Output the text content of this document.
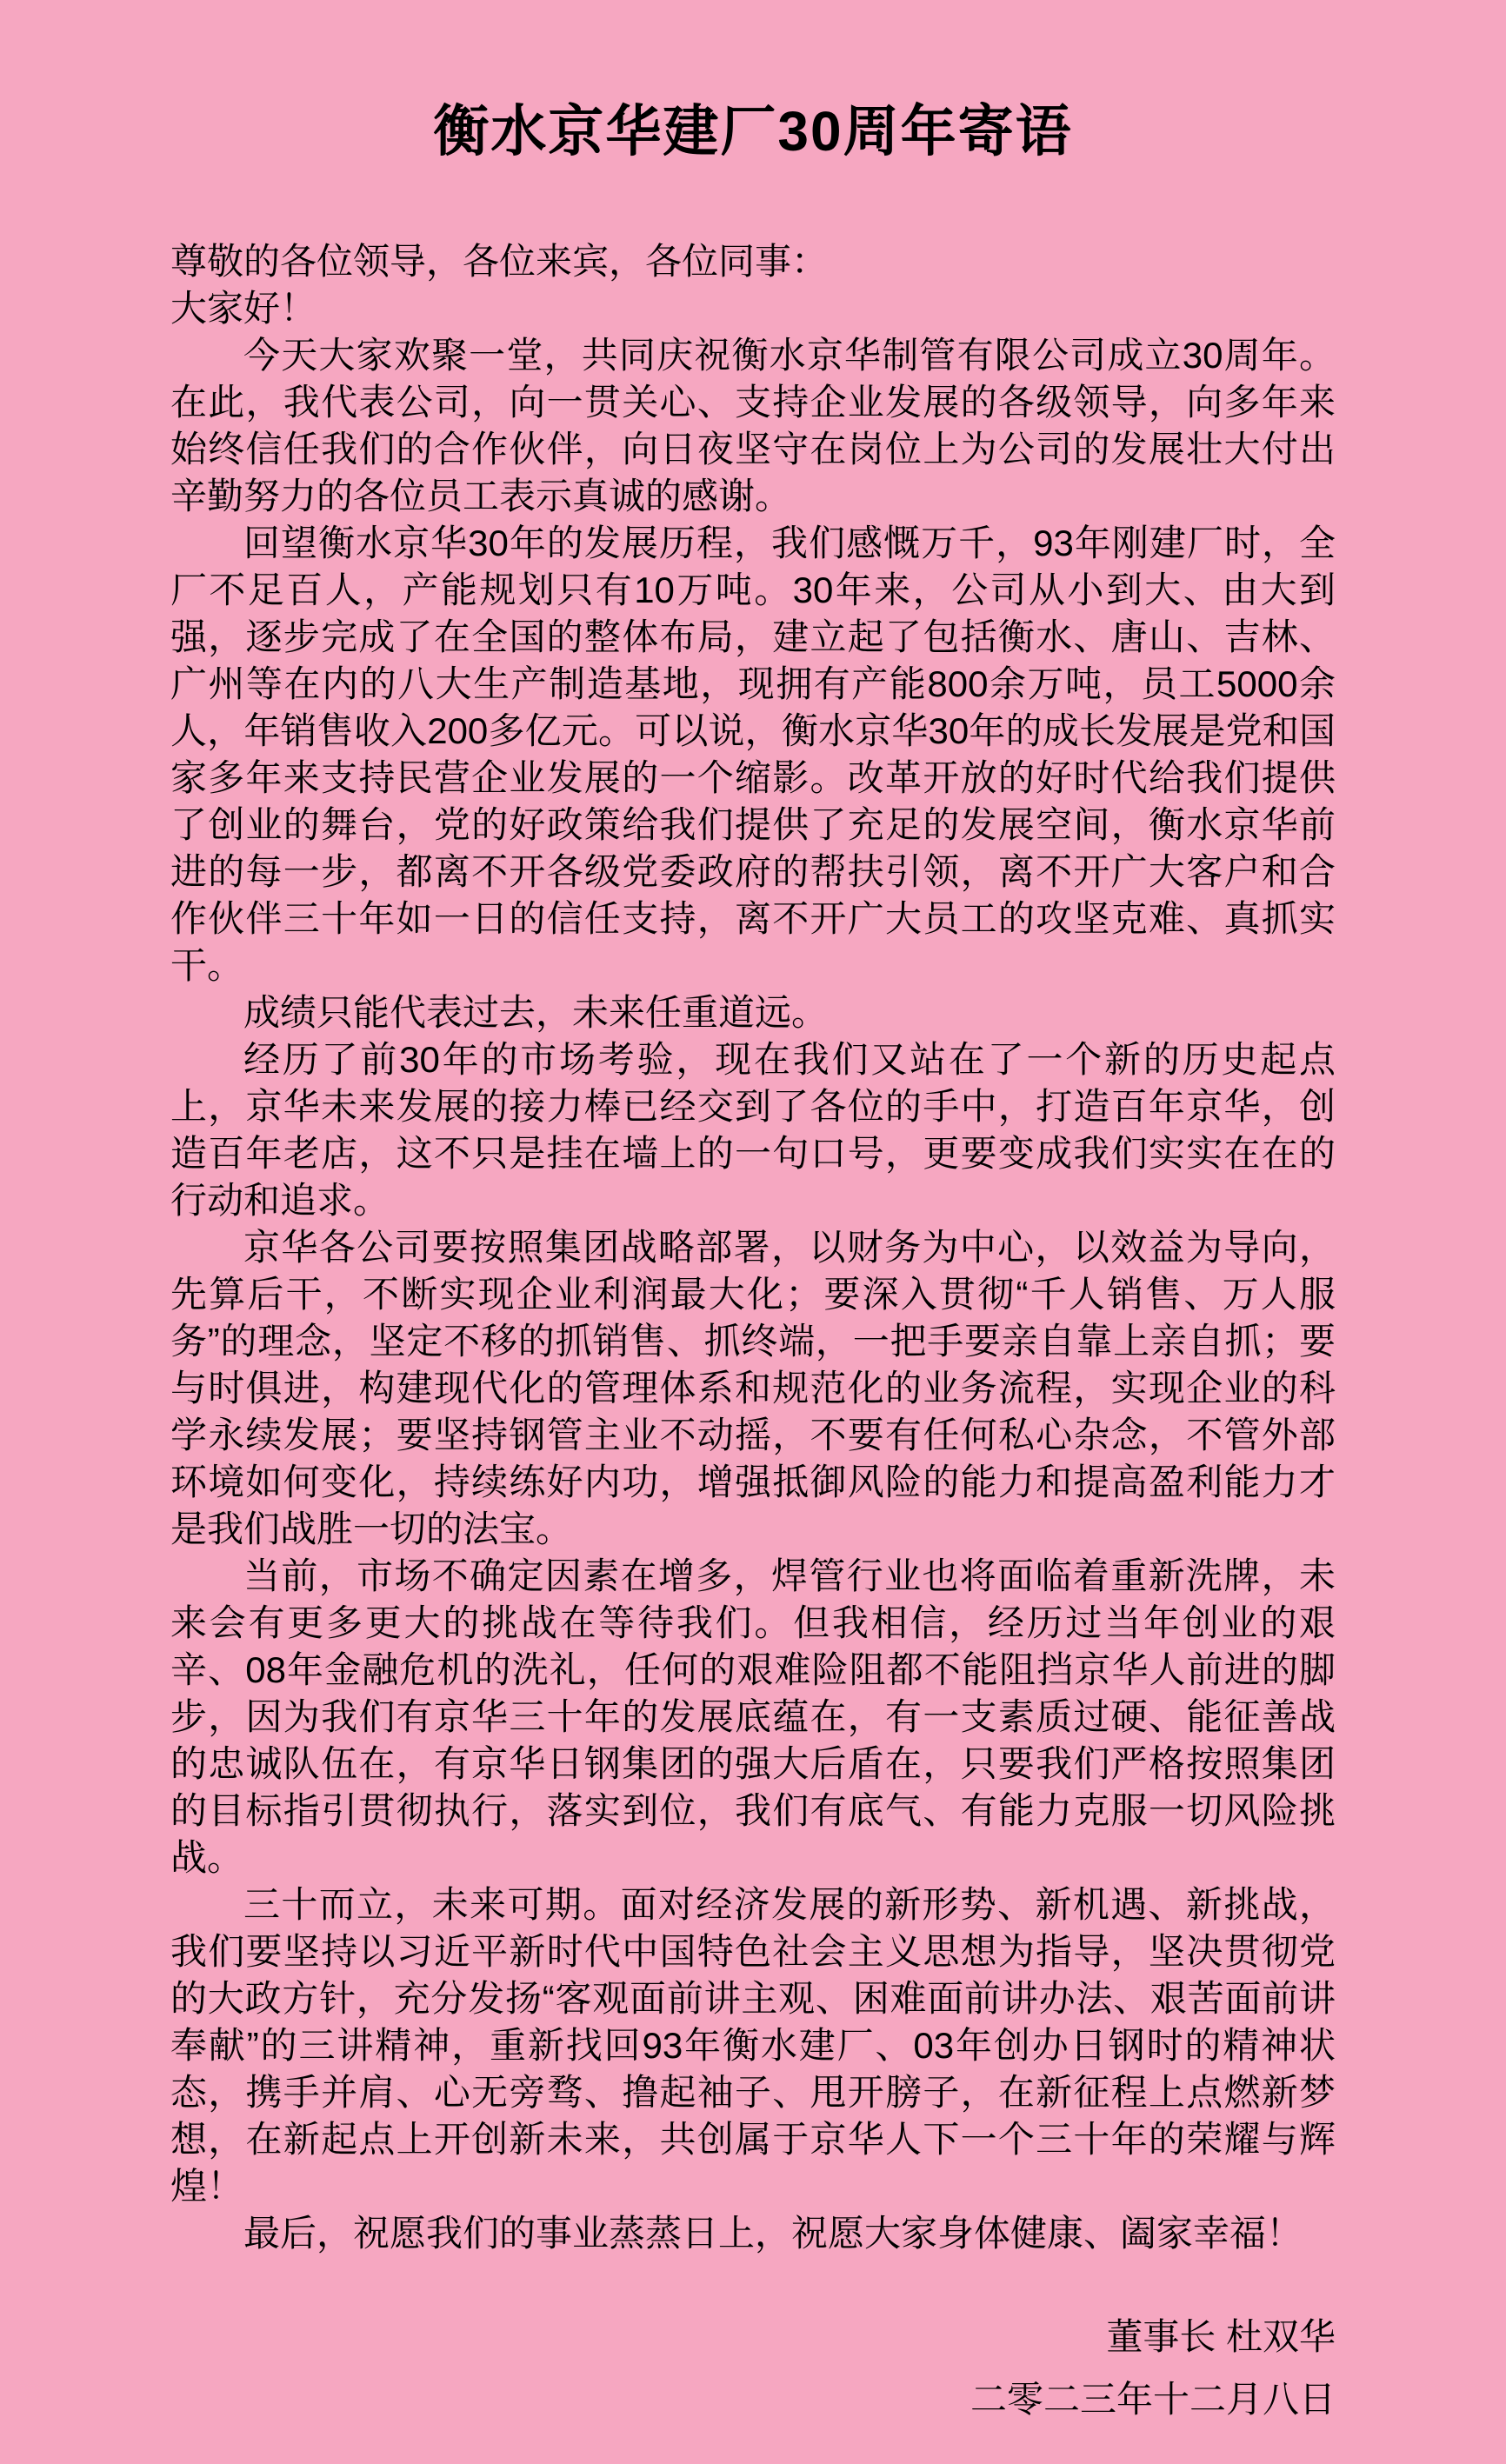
衡水京华建厂30周年寄语

尊敬的各位领导，各位来宾，各位同事：

大家好！

今天大家欢聚一堂，共同庆祝衡水京华制管有限公司成立30周年。在此，我代表公司，向一贯关心、支持企业发展的各级领导，向多年来始终信任我们的合作伙伴，向日夜坚守在岗位上为公司的发展壮大付出辛勤努力的各位员工表示真诚的感谢。

回望衡水京华30年的发展历程，我们感慨万千，93年刚建厂时，全厂不足百人，产能规划只有10万吨。30年来，公司从小到大、由大到强，逐步完成了在全国的整体布局，建立起了包括衡水、唐山、吉林、广州等在内的八大生产制造基地，现拥有产能800余万吨，员工5000余人，年销售收入200多亿元。可以说，衡水京华30年的成长发展是党和国家多年来支持民营企业发展的一个缩影。改革开放的好时代给我们提供了创业的舞台，党的好政策给我们提供了充足的发展空间，衡水京华前进的每一步，都离不开各级党委政府的帮扶引领，离不开广大客户和合作伙伴三十年如一日的信任支持，离不开广大员工的攻坚克难、真抓实干。

成绩只能代表过去，未来任重道远。

经历了前30年的市场考验，现在我们又站在了一个新的历史起点上，京华未来发展的接力棒已经交到了各位的手中，打造百年京华，创造百年老店，这不只是挂在墙上的一句口号，更要变成我们实实在在的行动和追求。

京华各公司要按照集团战略部署，以财务为中心，以效益为导向，先算后干，不断实现企业利润最大化；要深入贯彻“千人销售、万人服务”的理念，坚定不移的抓销售、抓终端，一把手要亲自靠上亲自抓；要与时俱进，构建现代化的管理体系和规范化的业务流程，实现企业的科学永续发展；要坚持钢管主业不动摇，不要有任何私心杂念，不管外部环境如何变化，持续练好内功，增强抵御风险的能力和提高盈利能力才是我们战胜一切的法宝。

当前，市场不确定因素在增多，焊管行业也将面临着重新洗牌，未来会有更多更大的挑战在等待我们。但我相信，经历过当年创业的艰辛、08年金融危机的洗礼，任何的艰难险阻都不能阻挡京华人前进的脚步，因为我们有京华三十年的发展底蕴在，有一支素质过硬、能征善战的忠诚队伍在，有京华日钢集团的强大后盾在，只要我们严格按照集团的目标指引贯彻执行，落实到位，我们有底气、有能力克服一切风险挑战。

三十而立，未来可期。面对经济发展的新形势、新机遇、新挑战，我们要坚持以习近平新时代中国特色社会主义思想为指导，坚决贯彻党的大政方针，充分发扬“客观面前讲主观、困难面前讲办法、艰苦面前讲奉献”的三讲精神，重新找回93年衡水建厂、03年创办日钢时的精神状态，携手并肩、心无旁骛、撸起袖子、甩开膀子，在新征程上点燃新梦想，在新起点上开创新未来，共创属于京华人下一个三十年的荣耀与辉煌！

最后，祝愿我们的事业蒸蒸日上，祝愿大家身体健康、阖家幸福！

董事长 杜双华

二零二三年十二月八日
